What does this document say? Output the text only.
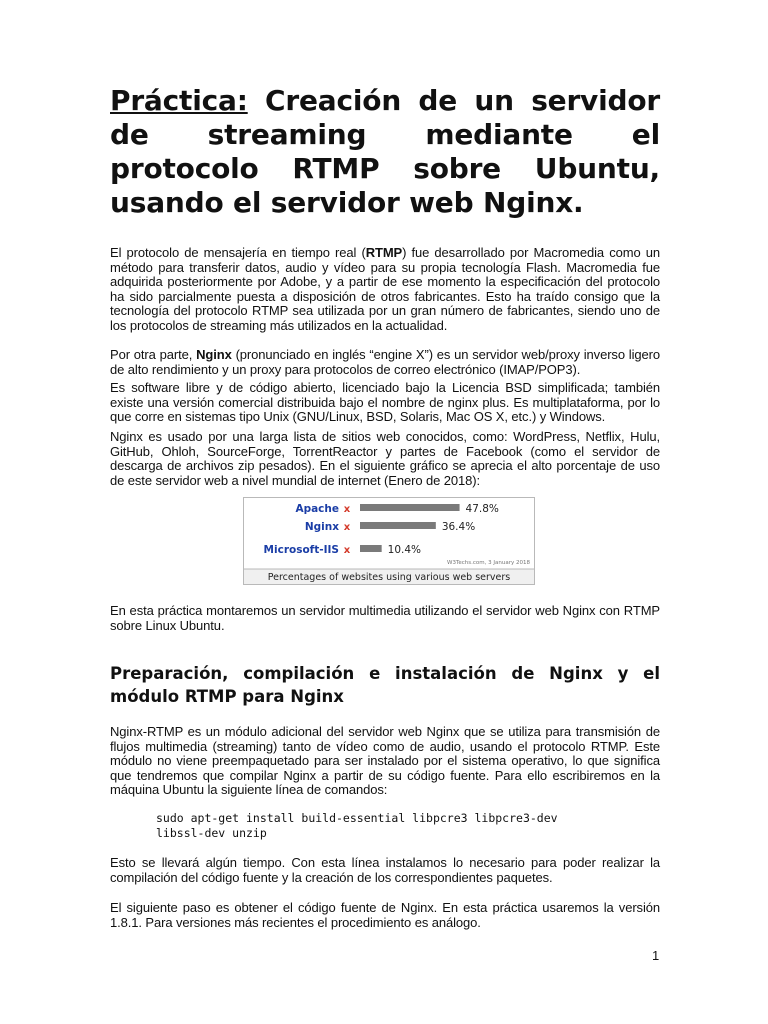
Práctica: Creación de un servidor de streaming mediante el protocolo RTMP sobre Ubuntu, usando el servidor web Nginx.

El protocolo de mensajería en tiempo real (RTMP) fue desarrollado por Macromedia como un método para transferir datos, audio y vídeo para su propia tecnología Flash. Macromedia fue adquirida posteriormente por Adobe, y a partir de ese momento la especificación del protocolo ha sido parcialmente puesta a disposición de otros fabricantes. Esto ha traído consigo que la tecnología del protocolo RTMP sea utilizada por un gran número de fabricantes, siendo uno de los protocolos de streaming más utilizados en la actualidad.

Por otra parte, Nginx (pronunciado en inglés “engine X”) es un servidor web/proxy inverso ligero de alto rendimiento y un proxy para protocolos de correo electrónico (IMAP/POP3).

Es software libre y de código abierto, licenciado bajo la Licencia BSD simplificada; también existe una versión comercial distribuida bajo el nombre de nginx plus. Es multiplataforma, por lo que corre en sistemas tipo Unix (GNU/Linux, BSD, Solaris, Mac OS X, etc.) y Windows.

Nginx es usado por una larga lista de sitios web conocidos, como: WordPress, Netflix, Hulu, GitHub, Ohloh, SourceForge, TorrentReactor y partes de Facebook (como el servidor de descarga de archivos zip pesados). En el siguiente gráfico se aprecia el alto porcentaje de uso de este servidor web a nivel mundial de internet (Enero de 2018):

Apache x	47.8%
Nginx x	36.4%
Microsoft-IIS x	10.4%
W3Techs.com, 3 January 2018
Percentages of websites using various web servers

En esta práctica montaremos un servidor multimedia utilizando el servidor web Nginx con RTMP sobre Linux Ubuntu.

Preparación, compilación e instalación de Nginx y el módulo RTMP para Nginx

Nginx-RTMP es un módulo adicional del servidor web Nginx que se utiliza para transmisión de flujos multimedia (streaming) tanto de vídeo como de audio, usando el protocolo RTMP. Este módulo no viene preempaquetado para ser instalado por el sistema operativo, lo que significa que tendremos que compilar Nginx a partir de su código fuente. Para ello escribiremos en la máquina Ubuntu la siguiente línea de comandos:

sudo apt-get install build-essential libpcre3 libpcre3-dev
libssl-dev unzip

Esto se llevará algún tiempo. Con esta línea instalamos lo necesario para poder realizar la compilación del código fuente y la creación de los correspondientes paquetes.

El siguiente paso es obtener el código fuente de Nginx. En esta práctica usaremos la versión 1.8.1. Para versiones más recientes el procedimiento es análogo.

1
